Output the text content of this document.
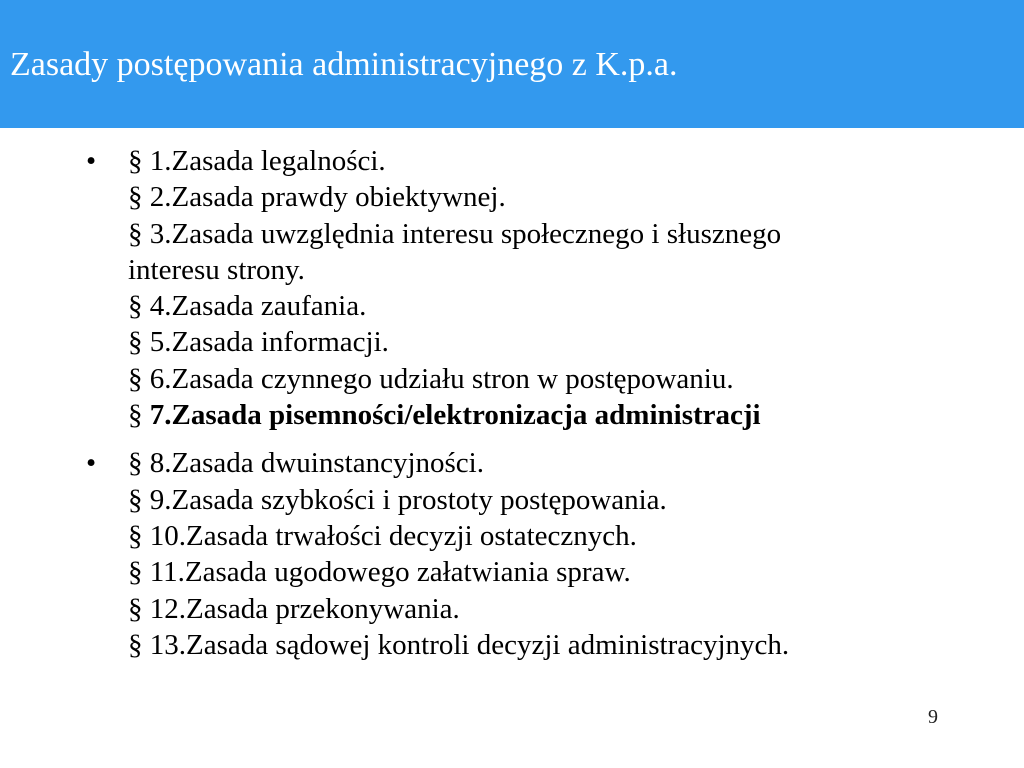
Zasady postępowania administracyjnego z K.p.a.
•	§ 1.Zasada legalności.
§ 2.Zasada prawdy obiektywnej.
§ 3.Zasada uwzględnia interesu społecznego i słusznego
interesu strony.
§ 4.Zasada zaufania.
§ 5.Zasada informacji.
§ 6.Zasada czynnego udziału stron w postępowaniu.
§ 7.Zasada pisemności/elektronizacja administracji
•	§ 8.Zasada dwuinstancyjności.
§ 9.Zasada szybkości i prostoty postępowania.
§ 10.Zasada trwałości decyzji ostatecznych.
§ 11.Zasada ugodowego załatwiania spraw.
§ 12.Zasada przekonywania.
§ 13.Zasada sądowej kontroli decyzji administracyjnych.
9
